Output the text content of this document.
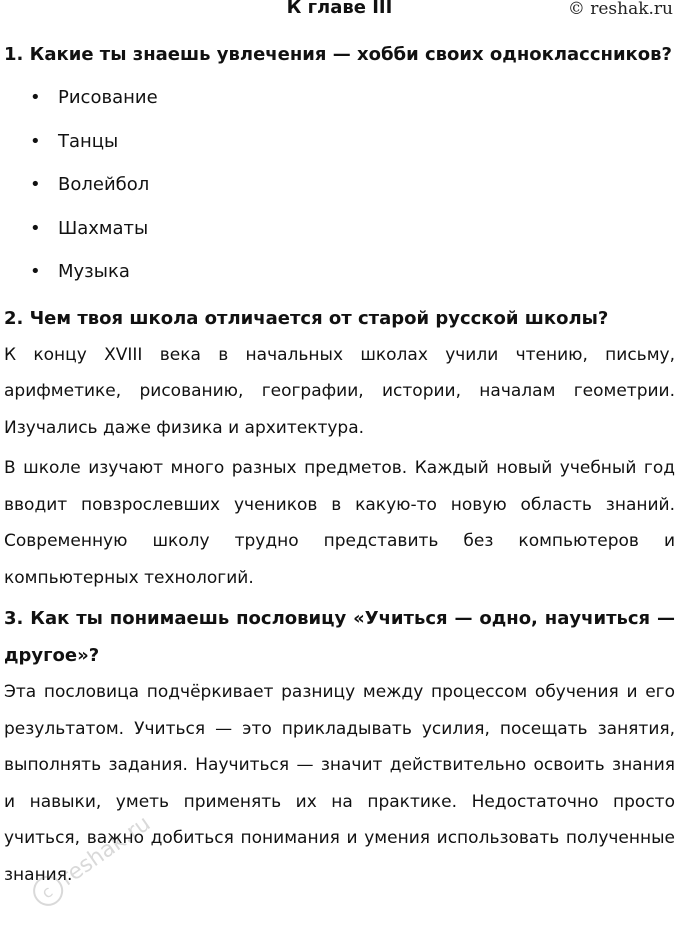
К главе III	© reshak.ru
1. Какие ты знаешь увлечения — хобби своих одноклассников?
• Рисование
• Танцы
• Волейбол
• Шахматы
• Музыка
2. Чем твоя школа отличается от старой русской школы?

К концу XVIII века в начальных школах учили чтению, письму, арифметике, рисованию, географии, истории, началам геометрии. Изучались даже физика и архитектура.

В школе изучают много разных предметов. Каждый новый учебный год вводит повзрослевших учеников в какую-то новую область знаний. Современную школу трудно представить без компьютеров и компьютерных технологий.

3. Как ты понимаешь пословицу «Учиться — одно, научиться — другое»?

Эта пословица подчёркивает разницу между процессом обучения и его результатом. Учиться — это прикладывать усилия, посещать занятия, выполнять задания. Научиться — значит действительно освоить знания и навыки, уметь применять их на практике. Недостаточно просто учиться, важно добиться понимания и умения использовать полученные знания.

c
reshak.ru
